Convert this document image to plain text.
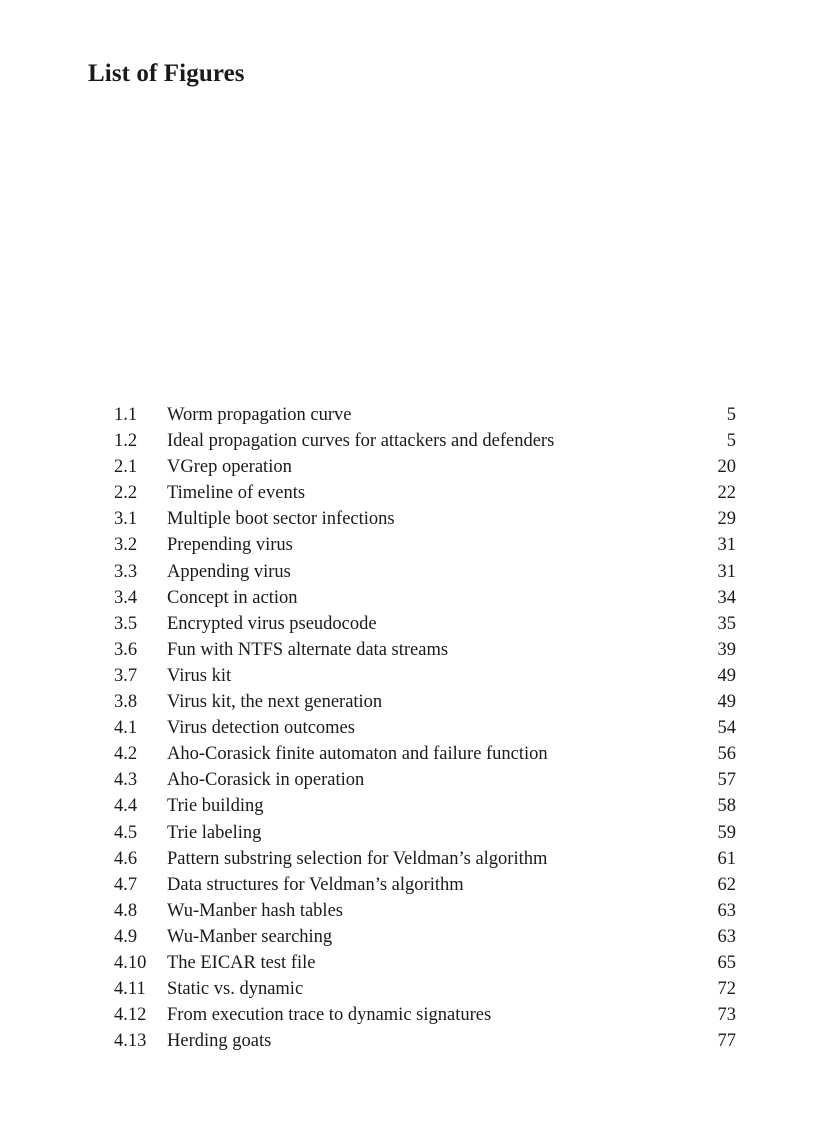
List of Figures
1.1	Worm propagation curve	5
1.2	Ideal propagation curves for attackers and defenders	5
2.1	VGrep operation	20
2.2	Timeline of events	22
3.1	Multiple boot sector infections	29
3.2	Prepending virus	31
3.3	Appending virus	31
3.4	Concept in action	34
3.5	Encrypted virus pseudocode	35
3.6	Fun with NTFS alternate data streams	39
3.7	Virus kit	49
3.8	Virus kit, the next generation	49
4.1	Virus detection outcomes	54
4.2	Aho-Corasick finite automaton and failure function	56
4.3	Aho-Corasick in operation	57
4.4	Trie building	58
4.5	Trie labeling	59
4.6	Pattern substring selection for Veldman’s algorithm	61
4.7	Data structures for Veldman’s algorithm	62
4.8	Wu-Manber hash tables	63
4.9	Wu-Manber searching	63
4.10	The EICAR test file	65
4.11	Static vs. dynamic	72
4.12	From execution trace to dynamic signatures	73
4.13	Herding goats	77
